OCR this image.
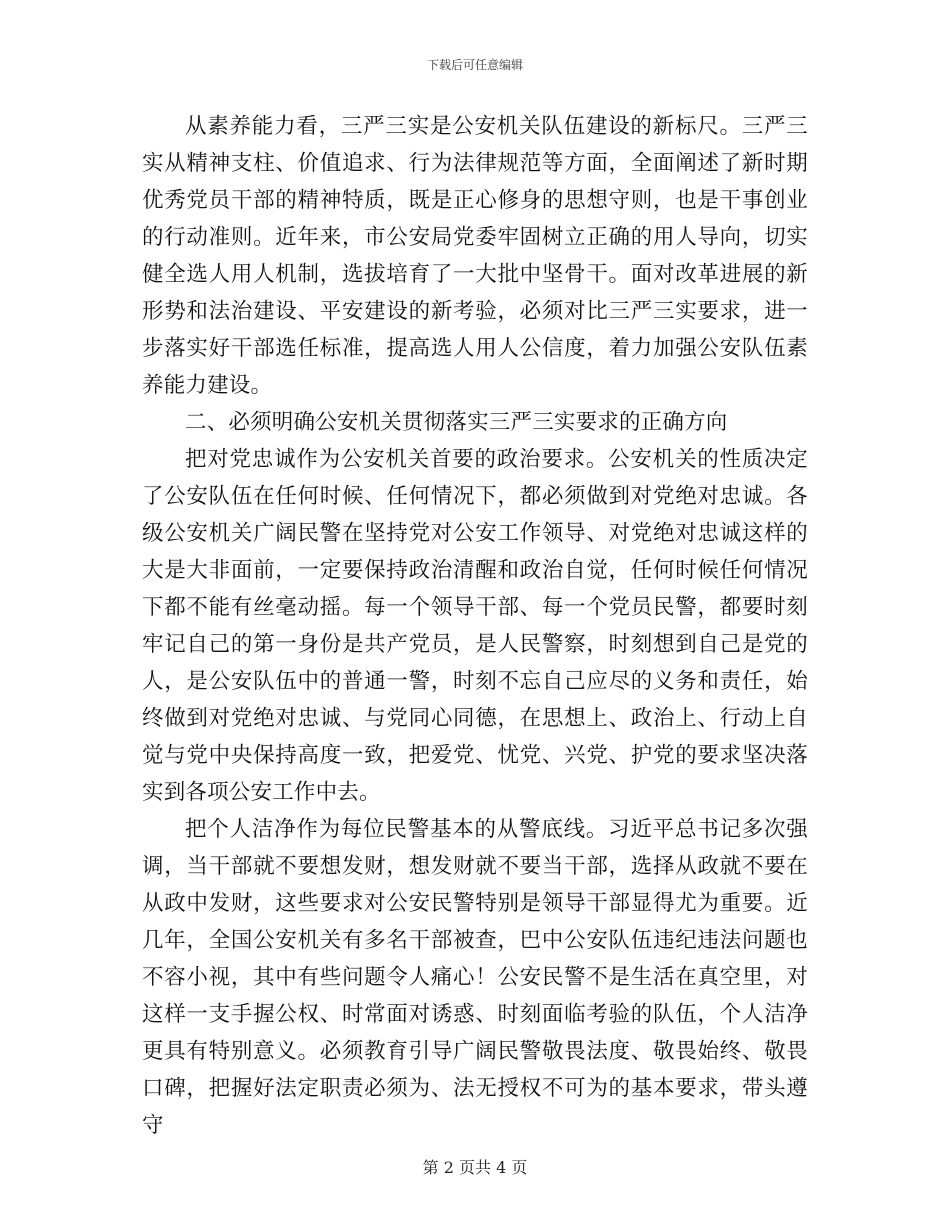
下载后可任意编辑

从素养能力看，三严三实是公安机关队伍建设的新标尺。三严三实从精神支柱、价值追求、行为法律规范等方面，全面阐述了新时期优秀党员干部的精神特质，既是正心修身的思想守则，也是干事创业的行动准则。近年来，市公安局党委牢固树立正确的用人导向，切实健全选人用人机制，选拔培育了一大批中坚骨干。面对改革进展的新形势和法治建设、平安建设的新考验，必须对比三严三实要求，进一步落实好干部选任标准，提高选人用人公信度，着力加强公安队伍素养能力建设。

二、必须明确公安机关贯彻落实三严三实要求的正确方向

把对党忠诚作为公安机关首要的政治要求。公安机关的性质决定了公安队伍在任何时候、任何情况下，都必须做到对党绝对忠诚。各级公安机关广阔民警在坚持党对公安工作领导、对党绝对忠诚这样的大是大非面前，一定要保持政治清醒和政治自觉，任何时候任何情况下都不能有丝毫动摇。每一个领导干部、每一个党员民警，都要时刻牢记自己的第一身份是共产党员，是人民警察，时刻想到自己是党的人，是公安队伍中的普通一警，时刻不忘自己应尽的义务和责任，始终做到对党绝对忠诚、与党同心同德，在思想上、政治上、行动上自觉与党中央保持高度一致，把爱党、忧党、兴党、护党的要求坚决落实到各项公安工作中去。

把个人洁净作为每位民警基本的从警底线。习近平总书记多次强调，当干部就不要想发财，想发财就不要当干部，选择从政就不要在从政中发财，这些要求对公安民警特别是领导干部显得尤为重要。近几年，全国公安机关有多名干部被查，巴中公安队伍违纪违法问题也不容小视，其中有些问题令人痛心！公安民警不是生活在真空里，对这样一支手握公权、时常面对诱惑、时刻面临考验的队伍，个人洁净更具有特别意义。必须教育引导广阔民警敬畏法度、敬畏始终、敬畏口碑，把握好法定职责必须为、法无授权不可为的基本要求，带头遵守

第 2 页共 4 页
